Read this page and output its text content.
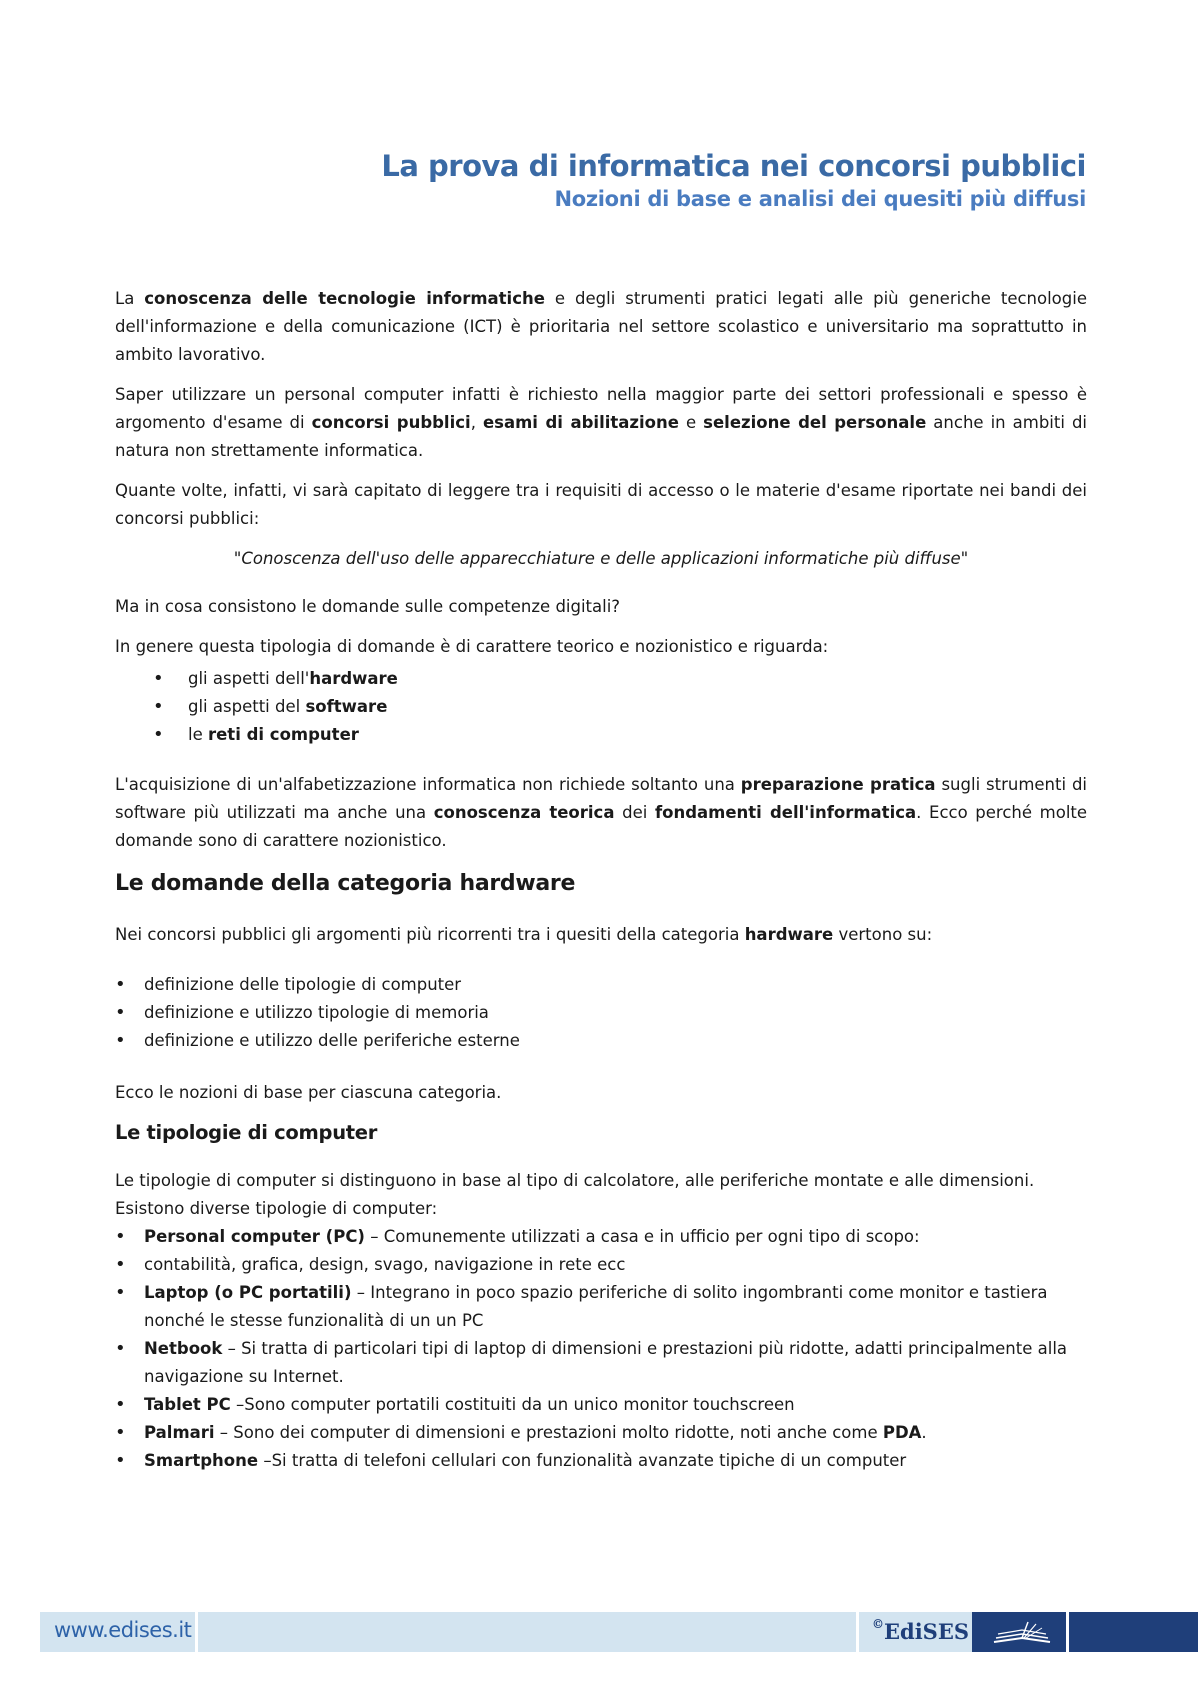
La prova di informatica nei concorsi pubblici
Nozioni di base e analisi dei quesiti più diffusi

La conoscenza delle tecnologie informatiche e degli strumenti pratici legati alle più generiche tecnologie dell'informazione e della comunicazione (ICT) è prioritaria nel settore scolastico e universitario ma soprattutto in ambito lavorativo.

Saper utilizzare un personal computer infatti è richiesto nella maggior parte dei settori professionali e spesso è argomento d'esame di concorsi pubblici, esami di abilitazione e selezione del personale anche in ambiti di natura non strettamente informatica.

Quante volte, infatti, vi sarà capitato di leggere tra i requisiti di accesso o le materie d'esame riportate nei bandi dei concorsi pubblici:

"Conoscenza dell'uso delle apparecchiature e delle applicazioni informatiche più diffuse"

Ma in cosa consistono le domande sulle competenze digitali?

In genere questa tipologia di domande è di carattere teorico e nozionistico e riguarda:

• gli aspetti dell'hardware
• gli aspetti del software
• le reti di computer

L'acquisizione di un'alfabetizzazione informatica non richiede soltanto una preparazione pratica sugli strumenti di software più utilizzati ma anche una conoscenza teorica dei fondamenti dell'informatica. Ecco perché molte domande sono di carattere nozionistico.

Le domande della categoria hardware

Nei concorsi pubblici gli argomenti più ricorrenti tra i quesiti della categoria hardware vertono su:

• definizione delle tipologie di computer
• definizione e utilizzo tipologie di memoria
• definizione e utilizzo delle periferiche esterne

Ecco le nozioni di base per ciascuna categoria.

Le tipologie di computer

Le tipologie di computer si distinguono in base al tipo di calcolatore, alle periferiche montate e alle dimensioni.

Esistono diverse tipologie di computer:

• Personal computer (PC) – Comunemente utilizzati a casa e in ufficio per ogni tipo di scopo:
• contabilità, grafica, design, svago, navigazione in rete ecc
• Laptop (o PC portatili) – Integrano in poco spazio periferiche di solito ingombranti come monitor e tastiera nonché le stesse funzionalità di un un PC
• Netbook – Si tratta di particolari tipi di laptop di dimensioni e prestazioni più ridotte, adatti principalmente alla navigazione su Internet.
• Tablet PC –Sono computer portatili costituiti da un unico monitor touchscreen
• Palmari – Sono dei computer di dimensioni e prestazioni molto ridotte, noti anche come PDA.
• Smartphone –Si tratta di telefoni cellulari con funzionalità avanzate tipiche di un computer
www.edises.it	©EdiSES
